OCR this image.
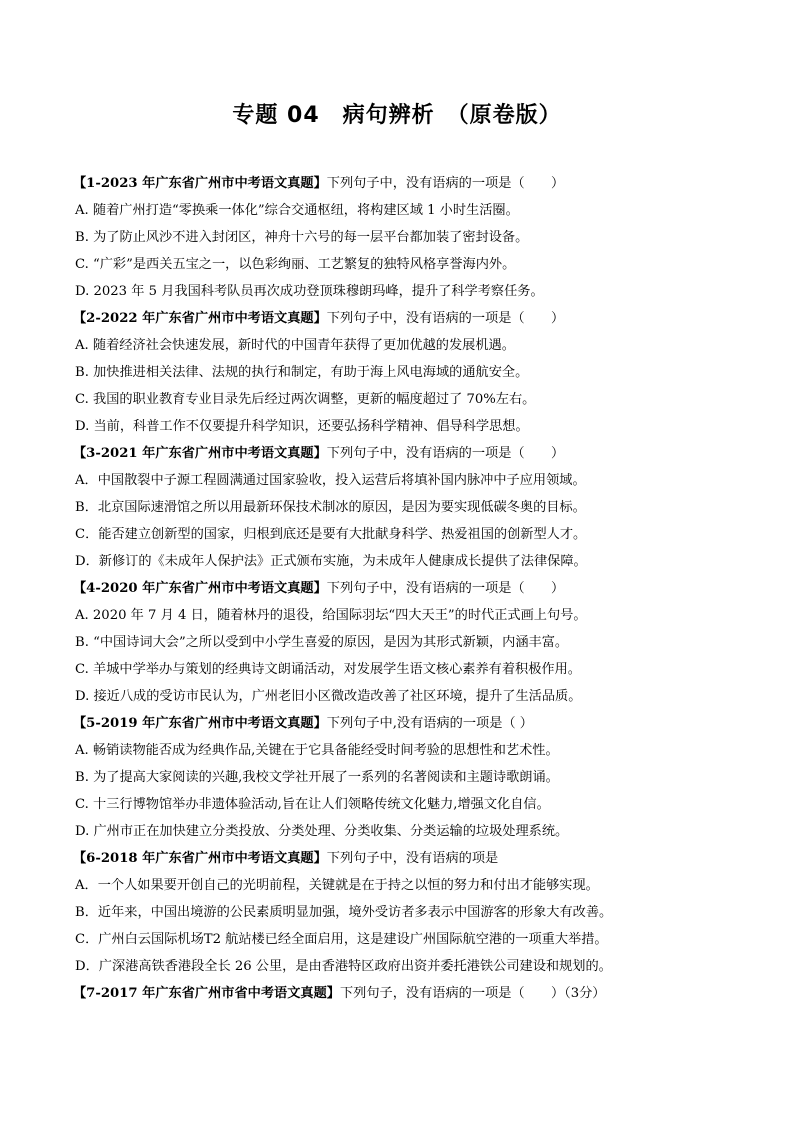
专题 04　病句辨析　（原卷版）
【1-2023 年广东省广州市中考语文真题】下列句子中，没有语病的一项是（　　）
A. 随着广州打造“零换乘一体化”综合交通枢纽，将构建区域 1 小时生活圈。
B. 为了防止风沙不进入封闭区，神舟十六号的每一层平台都加装了密封设备。
C. “广彩”是西关五宝之一，以色彩绚丽、工艺繁复的独特风格享誉海内外。
D. 2023 年 5 月我国科考队员再次成功登顶珠穆朗玛峰，提升了科学考察任务。
【2-2022 年广东省广州市中考语文真题】下列句子中，没有语病的一项是（　　）
A. 随着经济社会快速发展，新时代的中国青年获得了更加优越的发展机遇。
B. 加快推进相关法律、法规的执行和制定，有助于海上风电海域的通航安全。
C. 我国的职业教育专业目录先后经过两次调整，更新的幅度超过了 70%左右。
D. 当前，科普工作不仅要提升科学知识，还要弘扬科学精神、倡导科学思想。
【3-2021 年广东省广州市中考语文真题】下列句子中，没有语病的一项是（　　）
A．中国散裂中子源工程圆满通过国家验收，投入运营后将填补国内脉冲中子应用领域。
B．北京国际速滑馆之所以用最新环保技术制冰的原因，是因为要实现低碳冬奥的目标。
C．能否建立创新型的国家，归根到底还是要有大批献身科学、热爱祖国的创新型人才。
D．新修订的《未成年人保护法》正式颁布实施，为未成年人健康成长提供了法律保障。
【4-2020 年广东省广州市中考语文真题】下列句子中，没有语病的一项是（　　）
A. 2020 年 7 月 4 日，随着林丹的退役，给国际羽坛“四大天王”的时代正式画上句号。
B. “中国诗词大会”之所以受到中小学生喜爱的原因，是因为其形式新颖，内涵丰富。
C. 羊城中学举办与策划的经典诗文朗诵活动，对发展学生语文核心素养有着积极作用。
D. 接近八成的受访市民认为，广州老旧小区微改造改善了社区环境，提升了生活品质。
【5-2019 年广东省广州市中考语文真题】下列句子中,没有语病的一项是（ ）
A. 畅销读物能否成为经典作品,关键在于它具备能经受时间考验的思想性和艺术性。
B. 为了提高大家阅读的兴趣,我校文学社开展了一系列的名著阅读和主题诗歌朗诵。
C. 十三行博物馆举办非遗体验活动,旨在让人们领略传统文化魅力,增强文化自信。
D. 广州市正在加快建立分类投放、分类处理、分类收集、分类运输的垃圾处理系统。
【6-2018 年广东省广州市中考语文真题】下列句子中，没有语病的项是
A．一个人如果要开创自己的光明前程，关键就是在于持之以恒的努力和付出才能够实现。
B．近年来，中国出境游的公民素质明显加强，境外受访者多表示中国游客的形象大有改善。
C．广州白云国际机场T2 航站楼已经全面启用，这是建设广州国际航空港的一项重大举措。
D．广深港高铁香港段全长 26 公里，是由香港特区政府出资并委托港铁公司建设和规划的。
【7-2017 年广东省广州市省中考语文真题】下列句子，没有语病的一项是（　　）（3分）
